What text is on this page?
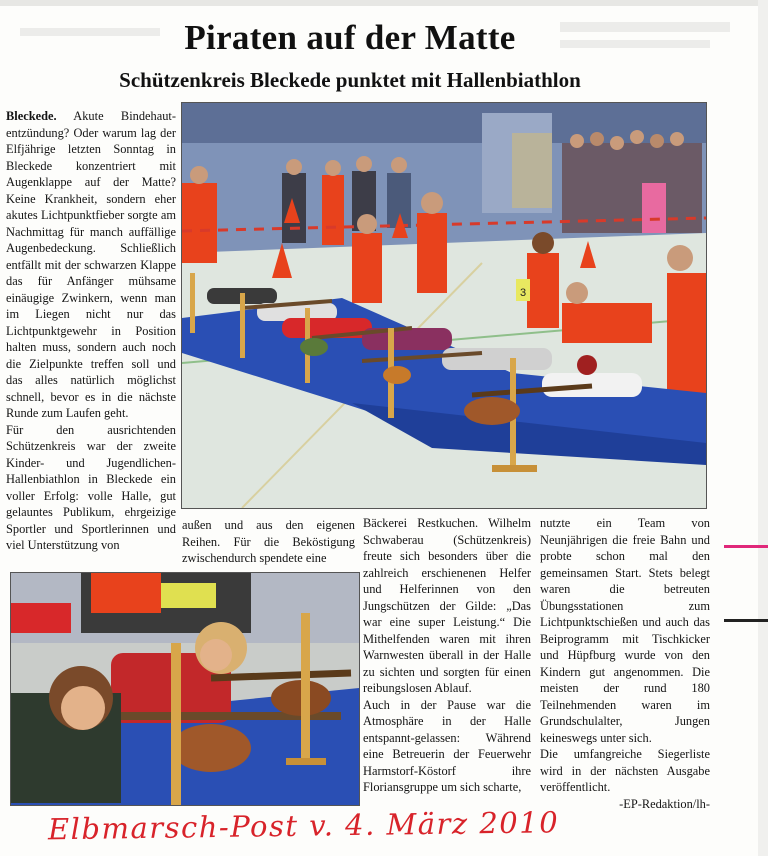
Piraten auf der Matte
Schützenkreis Bleckede punktet mit Hallenbiathlon

Bleckede. Akute Bindehautentzündung? Oder warum lag der Elfjährige letzten Sonntag in Bleckede konzentriert mit Augenklappe auf der Matte? Keine Krankheit, sondern eher akutes Lichtpunktfieber sorgte am Nachmittag für manch auffällige Augenbedeckung. Schließlich entfällt mit der schwarzen Klappe das für Anfänger mühsame einäugige Zwinkern, wenn man im Liegen nicht nur das Lichtpunktgewehr in Position halten muss, sondern auch noch die Zielpunkte treffen soll und das alles natürlich möglichst schnell, bevor es in die nächste Runde zum Laufen geht.

Für den ausrichtenden Schützenkreis war der zweite Kinder- und Jugendlichen-Hallenbiathlon in Bleckede ein voller Erfolg: volle Halle, gut gelauntes Publikum, ehrgeizige Sportler und Sportlerinnen und viel Unterstützung von

außen und aus den eigenen Reihen. Für die Beköstigung zwischendurch spendete eine

Bäckerei Restkuchen. Wilhelm Schwaberau (Schützenkreis) freute sich besonders über die zahlreich erschienenen Helfer und Helferinnen von den Jungschützen der Gilde: „Das war eine super Leistung.“ Die Mithelfenden waren mit ihren Warnwesten überall in der Halle zu sichten und sorgten für einen reibungslosen Ablauf.

Auch in der Pause war die Atmosphäre in der Halle entspannt-gelassen: Während eine Betreuerin der Feuerwehr Harmstorf-Köstorf ihre Floriansgruppe um sich scharte,

nutzte ein Team von Neunjährigen die freie Bahn und probte schon mal den gemeinsamen Start. Stets belegt waren die betreuten Übungsstationen zum Lichtpunktschießen und auch das Beiprogramm mit Tischkicker und Hüpfburg wurde von den Kindern gut angenommen. Die meisten der rund 180 Teilnehmenden waren im Grundschulalter, Jungen keineswegs unter sich.

Die umfangreiche Siegerliste wird in der nächsten Ausgabe veröffentlicht.

-EP-Redaktion/lh-
3
Elbmarsch-Post v. 4. März 2010
